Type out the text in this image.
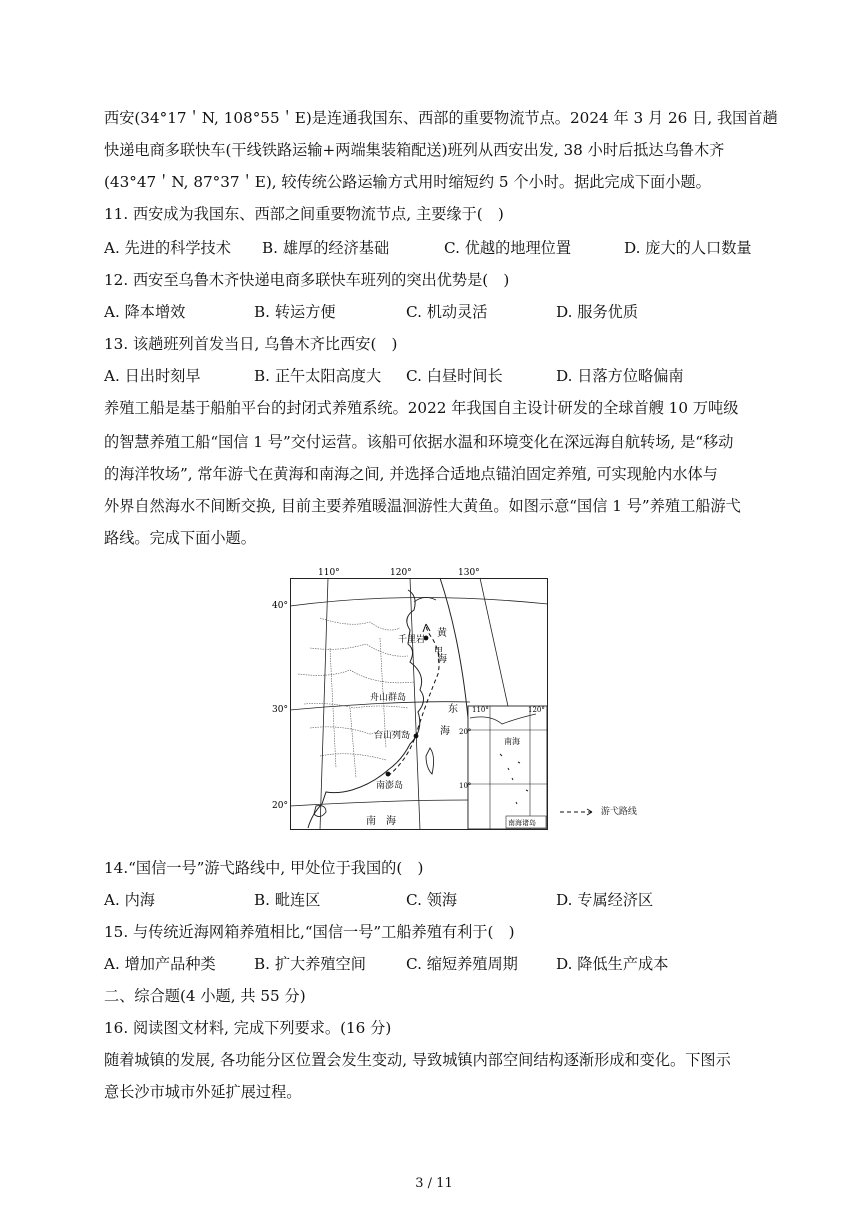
西安(34°17＇N, 108°55＇E)是连通我国东、西部的重要物流节点。2024 年 3 月 26 日, 我国首趟
快递电商多联快车(干线铁路运输+两端集装箱配送)班列从西安出发, 38 小时后抵达乌鲁木齐
(43°47＇N, 87°37＇E), 较传统公路运输方式用时缩短约 5 个小时。据此完成下面小题。
11. 西安成为我国东、西部之间重要物流节点, 主要缘于(　)
A. 先进的科学技术 B. 雄厚的经济基础	C. 优越的地理位置	D. 庞大的人口数量
12. 西安至乌鲁木齐快递电商多联快车班列的突出优势是(　)
A. 降本增效	B. 转运方便	C. 机动灵活	D. 服务优质
13. 该趟班列首发当日, 乌鲁木齐比西安(　)
A. 日出时刻早	B. 正午太阳高度大 C. 白昼时间长	D. 日落方位略偏南
养殖工船是基于船舶平台的封闭式养殖系统。2022 年我国自主设计研发的全球首艘 10 万吨级
的智慧养殖工船“国信 1 号”交付运营。该船可依据水温和环境变化在深远海自航转场, 是“移动
的海洋牧场”, 常年游弋在黄海和南海之间, 并选择合适地点锚泊固定养殖, 可实现舱内水体与
外界自然海水不间断交换, 目前主要养殖暖温洄游性大黄鱼。如图示意“国信 1 号”养殖工船游弋
路线。完成下面小题。
110°	120°	130°
40°
30°
20°
千里岩
甲
黄
海
舟山群岛
东
海
台山列岛
南澎岛
南　海
110°	120°
20°
10°
南海
南海诸岛
游弋路线
14.“国信一号”游弋路线中, 甲处位于我国的(　)
A. 内海	B. 毗连区	C. 领海	D. 专属经济区
15. 与传统近海网箱养殖相比,“国信一号”工船养殖有利于(　)
A. 增加产品种类	B. 扩大养殖空间	C. 缩短养殖周期	D. 降低生产成本
二、综合题(4 小题, 共 55 分)
16. 阅读图文材料, 完成下列要求。(16 分)
随着城镇的发展, 各功能分区位置会发生变动, 导致城镇内部空间结构逐渐形成和变化。下图示
意长沙市城市外延扩展过程。
3 / 11
